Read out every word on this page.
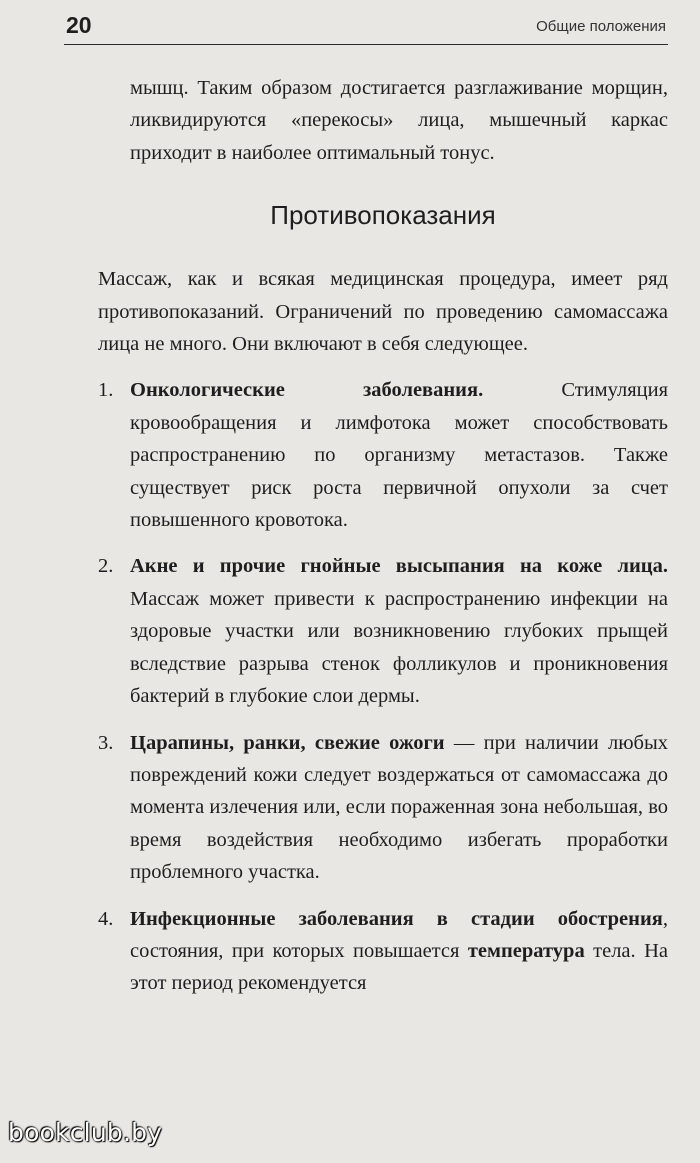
20	Общие положения

мышц. Таким образом достигается разглаживание морщин, ликвидируются «перекосы» лица, мышечный каркас приходит в наиболее оптимальный тонус.

Противопоказания

Массаж, как и всякая медицинская процедура, имеет ряд противопоказаний. Ограничений по проведению самомассажа лица не много. Они включают в себя следующее.

1. Онкологические заболевания. Стимуляция кровообращения и лимфотока может способствовать распространению по организму метастазов. Также существует риск роста первичной опухоли за счет повышенного кровотока.
2. Акне и прочие гнойные высыпания на коже лица. Массаж может привести к распространению инфекции на здоровые участки или возникновению глубоких прыщей вследствие разрыва стенок фолликулов и проникновения бактерий в глубокие слои дермы.
3. Царапины, ранки, свежие ожоги — при наличии любых повреждений кожи следует воздержаться от самомассажа до момента излечения или, если пораженная зона небольшая, во время воздействия необходимо избегать проработки проблемного участка.
4. Инфекционные заболевания в стадии обострения, состояния, при которых повышается температура тела. На этот период рекомендуется
bookclub.by
